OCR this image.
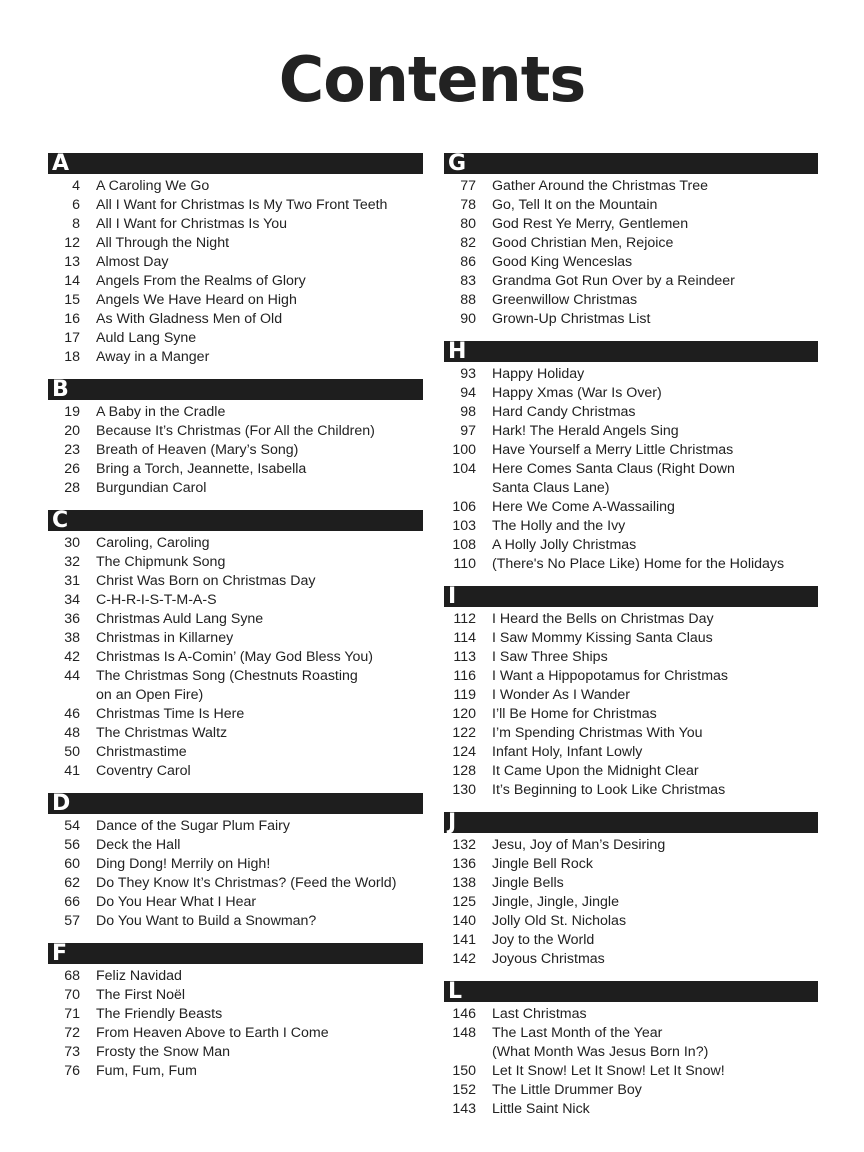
Contents
A
4 A Caroling We Go
6 All I Want for Christmas Is My Two Front Teeth
8 All I Want for Christmas Is You
12 All Through the Night
13 Almost Day
14 Angels From the Realms of Glory
15 Angels We Have Heard on High
16 As With Gladness Men of Old
17 Auld Lang Syne
18 Away in a Manger
B
19 A Baby in the Cradle
20 Because It’s Christmas (For All the Children)
23 Breath of Heaven (Mary’s Song)
26 Bring a Torch, Jeannette, Isabella
28 Burgundian Carol
C
30 Caroling, Caroling
32 The Chipmunk Song
31 Christ Was Born on Christmas Day
34 C-H-R-I-S-T-M-A-S
36 Christmas Auld Lang Syne
38 Christmas in Killarney
42 Christmas Is A-Comin’ (May God Bless You)
44 The Christmas Song (Chestnuts Roasting
on an Open Fire)
46 Christmas Time Is Here
48 The Christmas Waltz
50 Christmastime
41 Coventry Carol
D
54 Dance of the Sugar Plum Fairy
56 Deck the Hall
60 Ding Dong! Merrily on High!
62 Do They Know It’s Christmas? (Feed the World)
66 Do You Hear What I Hear
57 Do You Want to Build a Snowman?
F
68 Feliz Navidad
70 The First Noël
71 The Friendly Beasts
72 From Heaven Above to Earth I Come
73 Frosty the Snow Man
76 Fum, Fum, Fum
G
77 Gather Around the Christmas Tree
78 Go, Tell It on the Mountain
80 God Rest Ye Merry, Gentlemen
82 Good Christian Men, Rejoice
86 Good King Wenceslas
83 Grandma Got Run Over by a Reindeer
88 Greenwillow Christmas
90 Grown-Up Christmas List
H
93 Happy Holiday
94 Happy Xmas (War Is Over)
98 Hard Candy Christmas
97 Hark! The Herald Angels Sing
100 Have Yourself a Merry Little Christmas
104 Here Comes Santa Claus (Right Down
Santa Claus Lane)
106 Here We Come A-Wassailing
103 The Holly and the Ivy
108 A Holly Jolly Christmas
110 (There's No Place Like) Home for the Holidays
I
112 I Heard the Bells on Christmas Day
114 I Saw Mommy Kissing Santa Claus
113 I Saw Three Ships
116 I Want a Hippopotamus for Christmas
119 I Wonder As I Wander
120 I’ll Be Home for Christmas
122 I’m Spending Christmas With You
124 Infant Holy, Infant Lowly
128 It Came Upon the Midnight Clear
130 It’s Beginning to Look Like Christmas
J
132 Jesu, Joy of Man’s Desiring
136 Jingle Bell Rock
138 Jingle Bells
125 Jingle, Jingle, Jingle
140 Jolly Old St. Nicholas
141 Joy to the World
142 Joyous Christmas
L
146 Last Christmas
148 The Last Month of the Year
(What Month Was Jesus Born In?)
150 Let It Snow! Let It Snow! Let It Snow!
152 The Little Drummer Boy
143 Little Saint Nick
